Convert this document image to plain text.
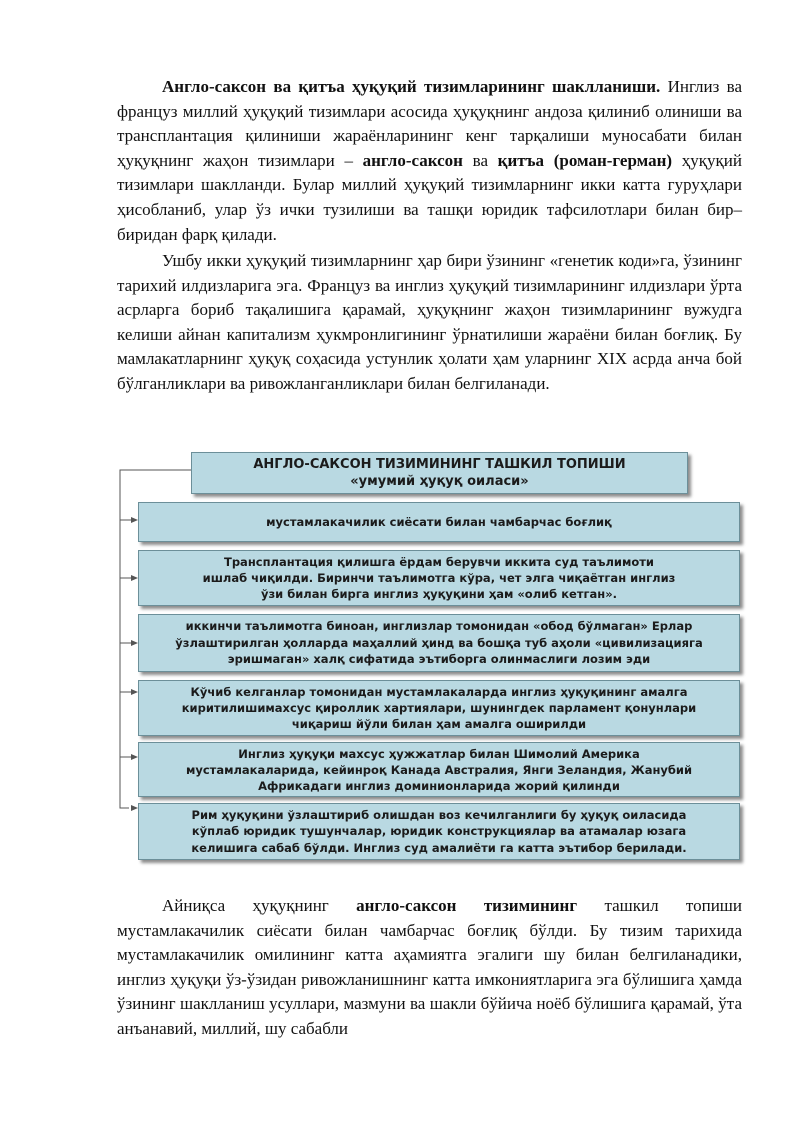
Англо-саксон ва қитъа ҳуқуқий тизимларининг шаклланиши. Инглиз ва француз миллий ҳуқуқий тизимлари асосида ҳуқуқнинг андоза қилиниб олиниши ва трансплантация қилиниши жараёнларининг кенг тарқалиши муносабати билан ҳуқуқнинг жаҳон тизимлари – англо-саксон ва қитъа (роман-герман) ҳуқуқий тизимлари шаклланди. Булар миллий ҳуқуқий тизимларнинг икки катта гуруҳлари ҳисобланиб, улар ўз ички тузилиши ва ташқи юридик тафсилотлари билан бир– биридан фарқ қилади.

Ушбу икки ҳуқуқий тизимларнинг ҳар бири ўзининг «генетик коди»га, ўзининг тарихий илдизларига эга. Француз ва инглиз ҳуқуқий тизимларининг илдизлари ўрта асрларга бориб тақалишига қарамай, ҳуқуқнинг жаҳон тизимларининг вужудга келиши айнан капитализм ҳукмронлигининг ўрнатилиши жараёни билан боғлиқ. Бу мамлакатларнинг ҳуқуқ соҳасида устунлик ҳолати ҳам уларнинг XIX асрда анча бой бўлганликлари ва ривожланганликлари билан белгиланади.

АНГЛО-САКСОН ТИЗИМИНИНГ ТАШКИЛ ТОПИШИ
«умумий ҳуқуқ оиласи»
мустамлакачилик сиёсати билан чамбарчас боғлиқ
Трансплантация қилишга ёрдам берувчи иккита суд таълимоти
ишлаб чиқилди. Биринчи таълимотга кўра, чет элга чиқаётган инглиз
ўзи билан бирга инглиз ҳуқуқини ҳам «олиб кетган».
иккинчи таълимотга биноан, инглизлар томонидан «обод бўлмаган» Ерлар
ўзлаштирилган ҳолларда маҳаллий ҳинд ва бошқа туб аҳоли «цивилизацияга
эришмаган» халқ сифатида эътиборга олинмаслиги лозим эди
Кўчиб келганлар томонидан мустамлакаларда инглиз ҳуқуқининг амалга
киритилишимахсус қироллик хартиялари, шунингдек парламент қонунлари
чиқариш йўли билан ҳам амалга оширилди
Инглиз ҳуқуқи махсус ҳужжатлар билан Шимолий Америка
мустамлакаларида, кейинроқ Канада Австралия, Янги Зеландия, Жанубий
Африкадаги инглиз доминионларида жорий қилинди
Рим ҳуқуқини ўзлаштириб олишдан воз кечилганлиги бу ҳуқуқ оиласида
кўплаб юридик тушунчалар, юридик конструкциялар ва атамалар юзага
келишига сабаб бўлди. Инглиз суд амалиёти га катта эътибор берилади.

Айниқса ҳуқуқнинг англо-саксон тизимининг ташкил топиши мустамлакачилик сиёсати билан чамбарчас боғлиқ бўлди. Бу тизим тарихида мустамлакачилик омилининг катта аҳамиятга эгалиги шу билан белгиланадики, инглиз ҳуқуқи ўз-ўзидан ривожланишнинг катта имкониятларига эга бўлишига ҳамда ўзининг шаклланиш усуллари, мазмуни ва шакли бўйича ноёб бўлишига қарамай, ўта анъанавий, миллий, шу сабабли
